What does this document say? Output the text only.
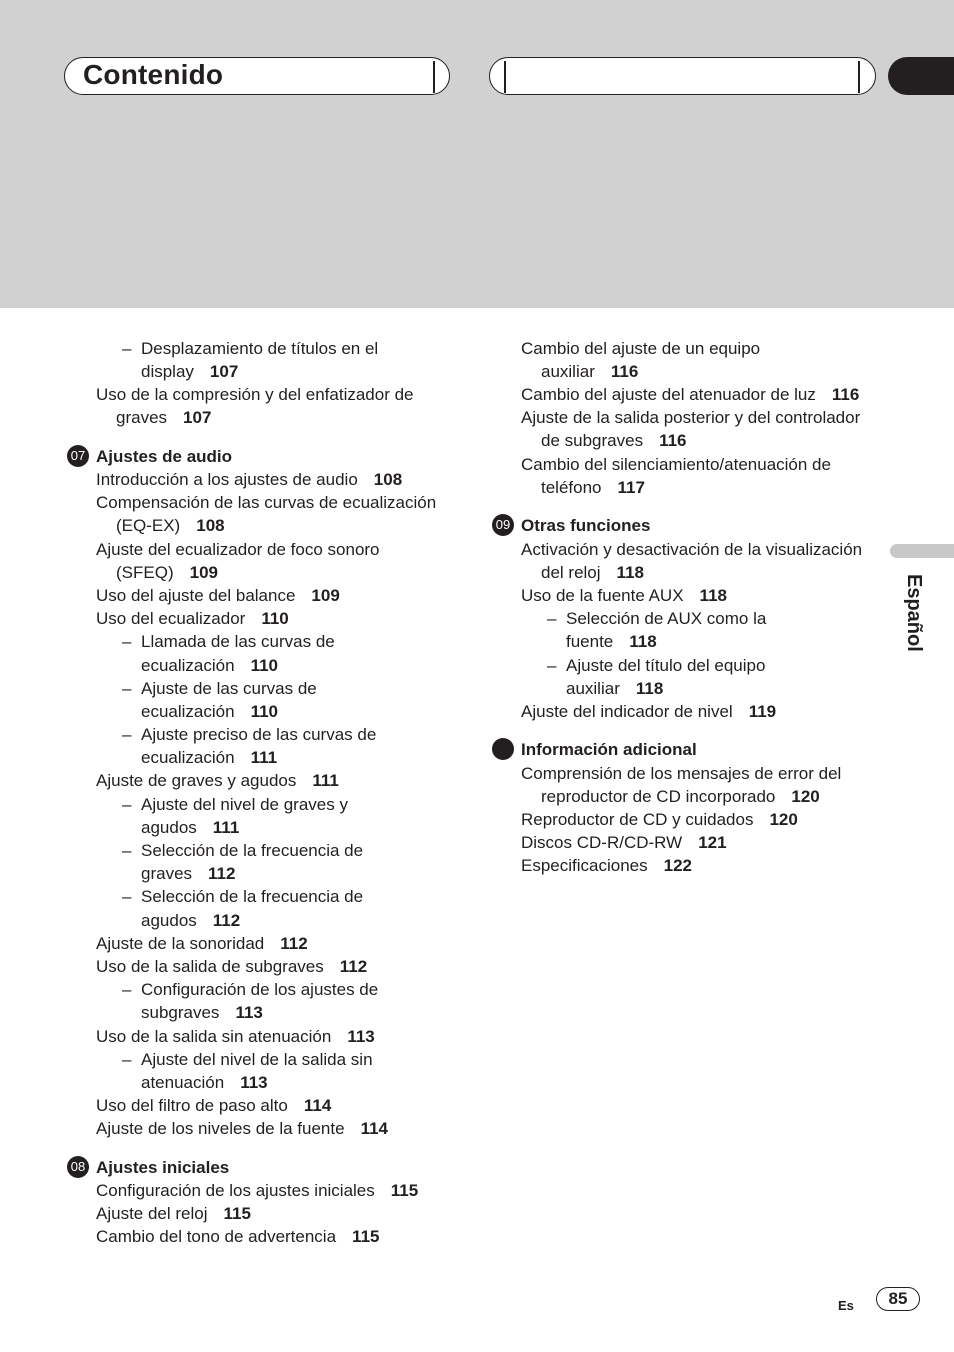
Contenido
Español
– Desplazamiento de títulos en el
display 107
Uso de la compresión y del enfatizador de
graves 107
07 Ajustes de audio
Introducción a los ajustes de audio 108
Compensación de las curvas de ecualización
(EQ-EX) 108
Ajuste del ecualizador de foco sonoro
(SFEQ) 109
Uso del ajuste del balance 109
Uso del ecualizador 110
– Llamada de las curvas de
ecualización 110
– Ajuste de las curvas de
ecualización 110
– Ajuste preciso de las curvas de
ecualización 111
Ajuste de graves y agudos 111
– Ajuste del nivel de graves y
agudos 111
– Selección de la frecuencia de
graves 112
– Selección de la frecuencia de
agudos 112
Ajuste de la sonoridad 112
Uso de la salida de subgraves 112
– Configuración de los ajustes de
subgraves 113
Uso de la salida sin atenuación 113
– Ajuste del nivel de la salida sin
atenuación 113
Uso del filtro de paso alto 114
Ajuste de los niveles de la fuente 114
08 Ajustes iniciales
Configuración de los ajustes iniciales 115
Ajuste del reloj 115
Cambio del tono de advertencia 115
Cambio del ajuste de un equipo
auxiliar 116
Cambio del ajuste del atenuador de luz 116
Ajuste de la salida posterior y del controlador
de subgraves 116
Cambio del silenciamiento/atenuación de
teléfono 117
09 Otras funciones
Activación y desactivación de la visualización
del reloj 118
Uso de la fuente AUX 118
– Selección de AUX como la
fuente 118
– Ajuste del título del equipo
auxiliar 118
Ajuste del indicador de nivel 119
Información adicional
Comprensión de los mensajes de error del
reproductor de CD incorporado 120
Reproductor de CD y cuidados 120
Discos CD-R/CD-RW 121
Especificaciones 122
Es	85
